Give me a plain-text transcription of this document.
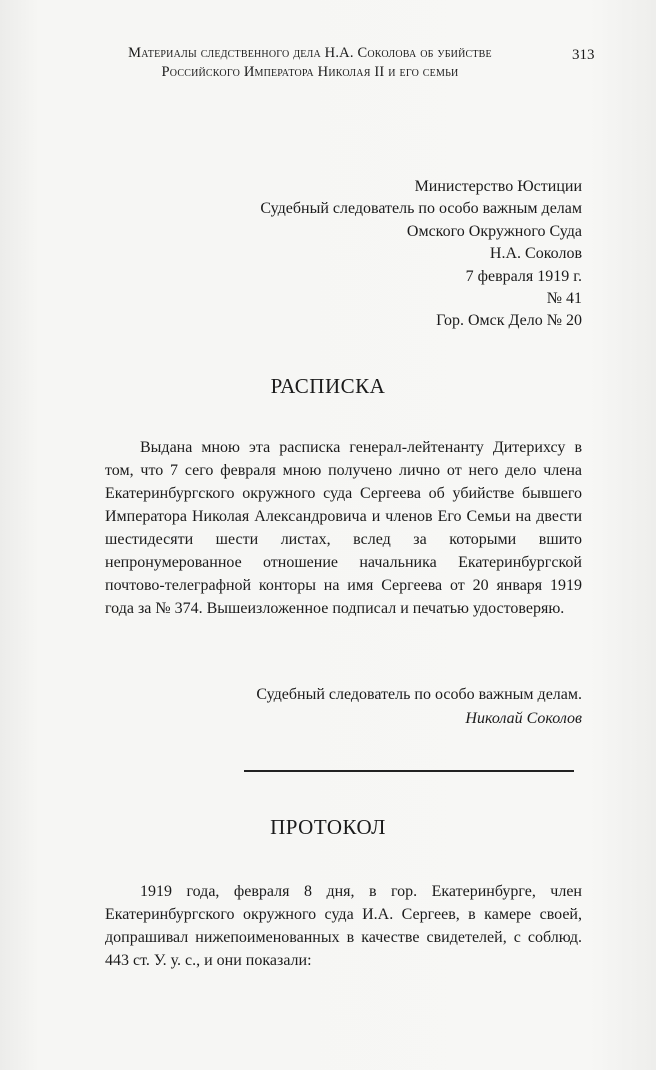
Материалы следственного дела Н.А. Соколова об убийстве
Российского Императора Николая II и его семьи
313
Министерство Юстиции
Судебный следователь по особо важным делам
Омского Окружного Суда
Н.А. Соколов
7 февраля 1919 г.
№ 41
Гор. Омск Дело № 20
РАСПИСКА

Выдана мною эта расписка генерал-лейтенанту Дитерихсу в том, что 7 сего февраля мною получено лично от него дело члена Екатеринбургского окружного суда Сергеева об убийстве бывшего Императора Николая Александровича и членов Его Семьи на двести шестидесяти шести листах, вслед за которыми вшито непронумерованное отношение начальника Екатеринбургской почтово-телеграфной конторы на имя Сергеева от 20 января 1919 года за № 374. Вышеизложенное подписал и печатью удостоверяю.

Судебный следователь по особо важным делам.
Николай Соколов
ПРОТОКОЛ

1919 года, февраля 8 дня, в гор. Екатеринбурге, член Екатеринбургского окружного суда И.А. Сергеев, в камере своей, допрашивал нижепоименованных в качестве свидетелей, с соблюд. 443 ст. У. у. с., и они показали:
